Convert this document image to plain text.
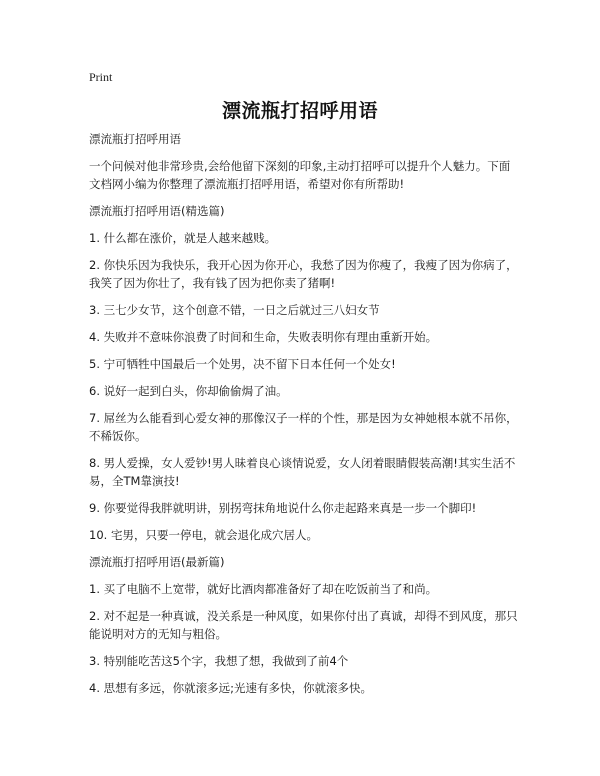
Print
漂流瓶打招呼用语

漂流瓶打招呼用语

一个问候对他非常珍贵,会给他留下深刻的印象,主动打招呼可以提升个人魅力。下面文档网小编为你整理了漂流瓶打招呼用语，希望对你有所帮助!

漂流瓶打招呼用语(精选篇)

1. 什么都在涨价，就是人越来越贱。

2. 你快乐因为我快乐，我开心因为你开心，我愁了因为你瘦了，我瘦了因为你病了，我笑了因为你壮了，我有钱了因为把你卖了猪啊!

3. 三七少女节，这个创意不错，一日之后就过三八妇女节

4. 失败并不意味你浪费了时间和生命，失败表明你有理由重新开始。

5. 宁可牺牲中国最后一个处男，决不留下日本任何一个处女!

6. 说好一起到白头，你却偷偷焗了油。

7. 屌丝为么能看到心爱女神的那像汉子一样的个性，那是因为女神她根本就不吊你，不稀饭你。

8. 男人爱操，女人爱钞!男人昧着良心谈情说爱，女人闭着眼睛假装高潮!其实生活不易，全TM靠演技!

9. 你要觉得我胖就明讲，别拐弯抹角地说什么你走起路来真是一步一个脚印!

10. 宅男，只要一停电，就会退化成穴居人。

漂流瓶打招呼用语(最新篇)

1. 买了电脑不上宽带，就好比酒肉都准备好了却在吃饭前当了和尚。

2. 对不起是一种真诚，没关系是一种风度，如果你付出了真诚，却得不到风度，那只能说明对方的无知与粗俗。

3. 特别能吃苦这5个字，我想了想，我做到了前4个

4. 思想有多远，你就滚多远;光速有多快，你就滚多快。
